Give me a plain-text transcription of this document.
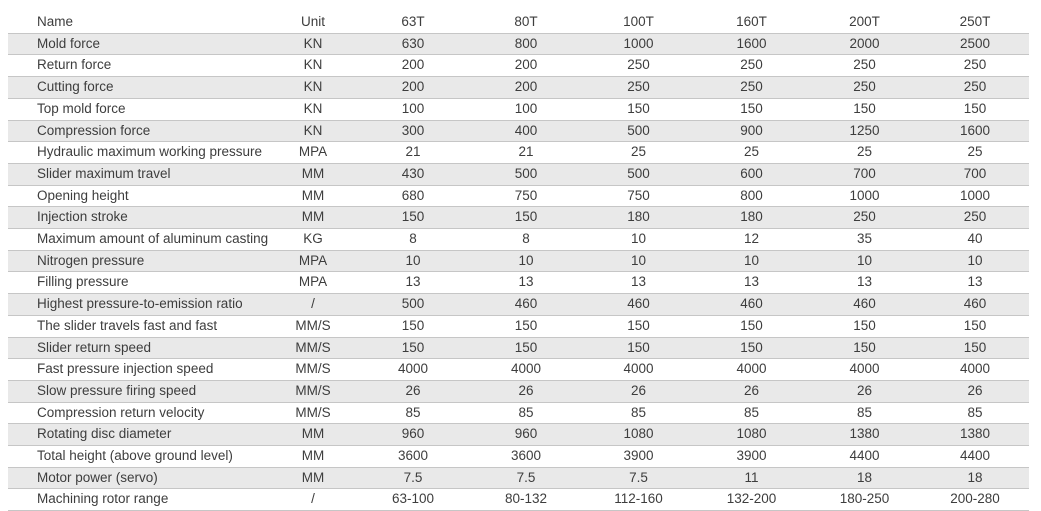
Name	Unit	63T	80T	100T	160T	200T	250T
Mold force	KN	630	800	1000	1600	2000	2500
Return force	KN	200	200	250	250	250	250
Cutting force	KN	200	200	250	250	250	250
Top mold force	KN	100	100	150	150	150	150
Compression force	KN	300	400	500	900	1250	1600
Hydraulic maximum working pressure	MPA	21	21	25	25	25	25
Slider maximum travel	MM	430	500	500	600	700	700
Opening height	MM	680	750	750	800	1000	1000
Injection stroke	MM	150	150	180	180	250	250
Maximum amount of aluminum casting	KG	8	8	10	12	35	40
Nitrogen pressure	MPA	10	10	10	10	10	10
Filling pressure	MPA	13	13	13	13	13	13
Highest pressure-to-emission ratio	/	500	460	460	460	460	460
The slider travels fast and fast	MM/S	150	150	150	150	150	150
Slider return speed	MM/S	150	150	150	150	150	150
Fast pressure injection speed	MM/S	4000	4000	4000	4000	4000	4000
Slow pressure firing speed	MM/S	26	26	26	26	26	26
Compression return velocity	MM/S	85	85	85	85	85	85
Rotating disc diameter	MM	960	960	1080	1080	1380	1380
Total height (above ground level)	MM	3600	3600	3900	3900	4400	4400
Motor power (servo)	MM	7.5	7.5	7.5	11	18	18
Machining rotor range	/	63-100	80-132	112-160	132-200	180-250	200-280
